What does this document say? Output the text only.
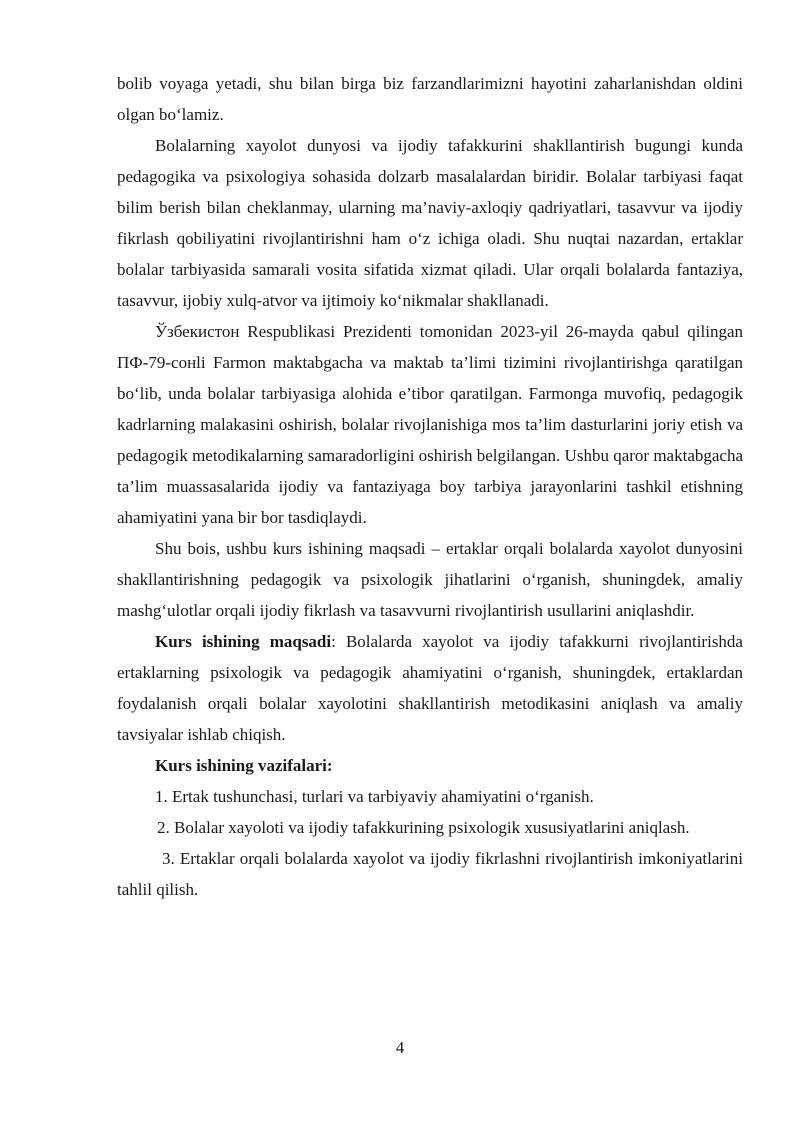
bolib voyaga yetadi, shu bilan birga biz farzandlarimizni hayotini zaharlanishdan oldini olgan bo‘lamiz.

Bolalarning xayolot dunyosi va ijodiy tafakkurini shakllantirish bugungi kunda pedagogika va psixologiya sohasida dolzarb masalalardan biridir. Bolalar tarbiyasi faqat bilim berish bilan cheklanmay, ularning ma’naviy-axloqiy qadriyatlari, tasavvur va ijodiy fikrlash qobiliyatini rivojlantirishni ham o‘z ichiga oladi. Shu nuqtai nazardan, ertaklar bolalar tarbiyasida samarali vosita sifatida xizmat qiladi. Ular orqali bolalarda fantaziya, tasavvur, ijobiy xulq-atvor va ijtimoiy ko‘nikmalar shakllanadi.

Ўзбекистон Respublikasi Prezidenti tomonidan 2023-yil 26-mayda qabul qilingan ПФ-79-сонli Farmon maktabgacha va maktab ta’limi tizimini rivojlantirishga qaratilgan bo‘lib, unda bolalar tarbiyasiga alohida e’tibor qaratilgan. Farmonga muvofiq, pedagogik kadrlarning malakasini oshirish, bolalar rivojlanishiga mos ta’lim dasturlarini joriy etish va pedagogik metodikalarning samaradorligini oshirish belgilangan. Ushbu qaror maktabgacha ta’lim muassasalarida ijodiy va fantaziyaga boy tarbiya jarayonlarini tashkil etishning ahamiyatini yana bir bor tasdiqlaydi.

Shu bois, ushbu kurs ishining maqsadi – ertaklar orqali bolalarda xayolot dunyosini shakllantirishning pedagogik va psixologik jihatlarini o‘rganish, shuningdek, amaliy mashg‘ulotlar orqali ijodiy fikrlash va tasavvurni rivojlantirish usullarini aniqlashdir.

Kurs ishining maqsadi: Bolalarda xayolot va ijodiy tafakkurni rivojlantirishda ertaklarning psixologik va pedagogik ahamiyatini o‘rganish, shuningdek, ertaklardan foydalanish orqali bolalar xayolotini shakllantirish metodikasini aniqlash va amaliy tavsiyalar ishlab chiqish.

Kurs ishining vazifalari:

1. Ertak tushunchasi, turlari va tarbiyaviy ahamiyatini o‘rganish.

2. Bolalar xayoloti va ijodiy tafakkurining psixologik xususiyatlarini aniqlash.

3. Ertaklar orqali bolalarda xayolot va ijodiy fikrlashni rivojlantirish imkoniyatlarini tahlil qilish.

4
